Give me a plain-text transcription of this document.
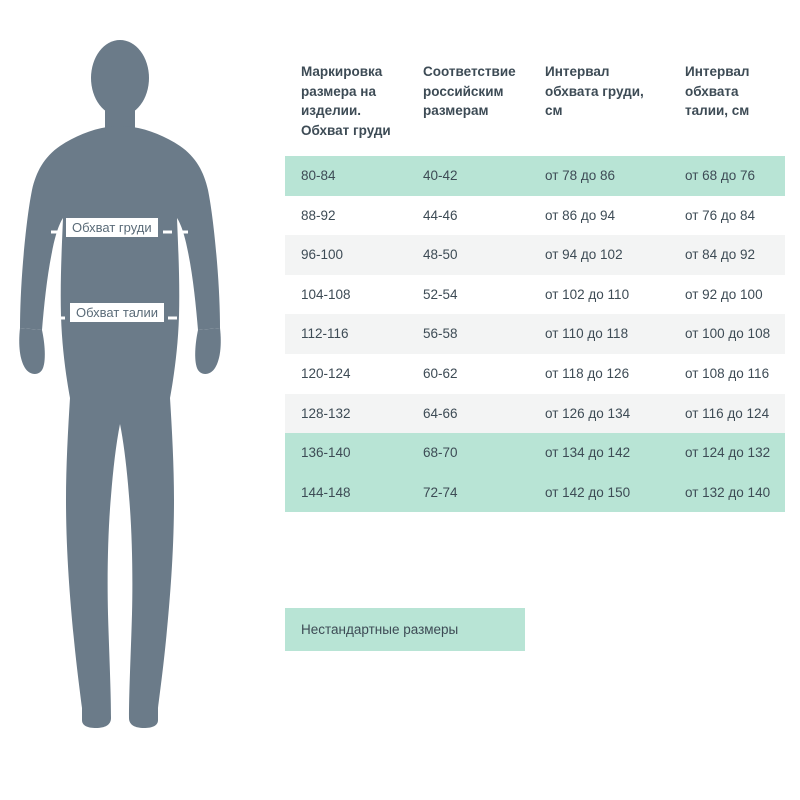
Обхват груди
Обхват талии
Маркировка размера на изделии. Обхват груди	Соответствие российским размерам	Интервал обхвата груди, см	Интервал обхвата талии, см
80-84	40-42	от 78 до 86	от 68 до 76
88-92	44-46	от 86 до 94	от 76 до 84
96-100	48-50	от 94 до 102	от 84 до 92
104-108	52-54	от 102 до 110	от 92 до 100
112-116	56-58	от 110 до 118	от 100 до 108
120-124	60-62	от 118 до 126	от 108 до 116
128-132	64-66	от 126 до 134	от 116 до 124
136-140	68-70	от 134 до 142	от 124 до 132
144-148	72-74	от 142 до 150	от 132 до 140
Нестандартные размеры
